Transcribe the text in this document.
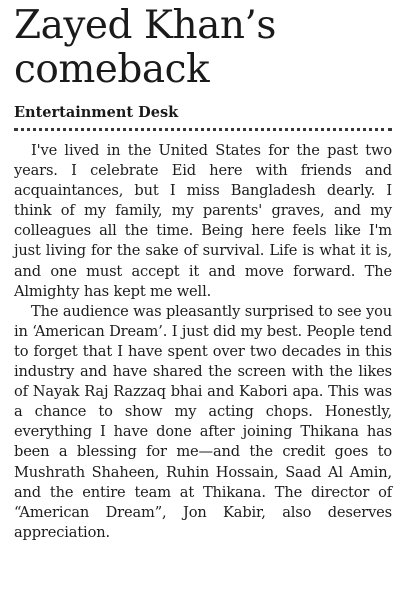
Zayed Khan’s comeback
Entertainment Desk

I've lived in the United States for the past two years. I celebrate Eid here with friends and acquaintances, but I miss Bangladesh dearly. I think of my family, my parents' graves, and my colleagues all the time. Being here feels like I'm just living for the sake of survival. Life is what it is, and one must accept it and move forward. The Almighty has kept me well.

The audience was pleasantly surprised to see you in ‘American Dream’. I just did my best. People tend to forget that I have spent over two decades in this industry and have shared the screen with the likes of Nayak Raj Razzaq bhai and Kabori apa. This was a chance to show my acting chops. Honestly, everything I have done after joining Thikana has been a blessing for me—and the credit goes to Mushrath Shaheen, Ruhin Hossain, Saad Al Amin, and the entire team at Thikana. The director of “American Dream”, Jon Kabir, also deserves appreciation.
